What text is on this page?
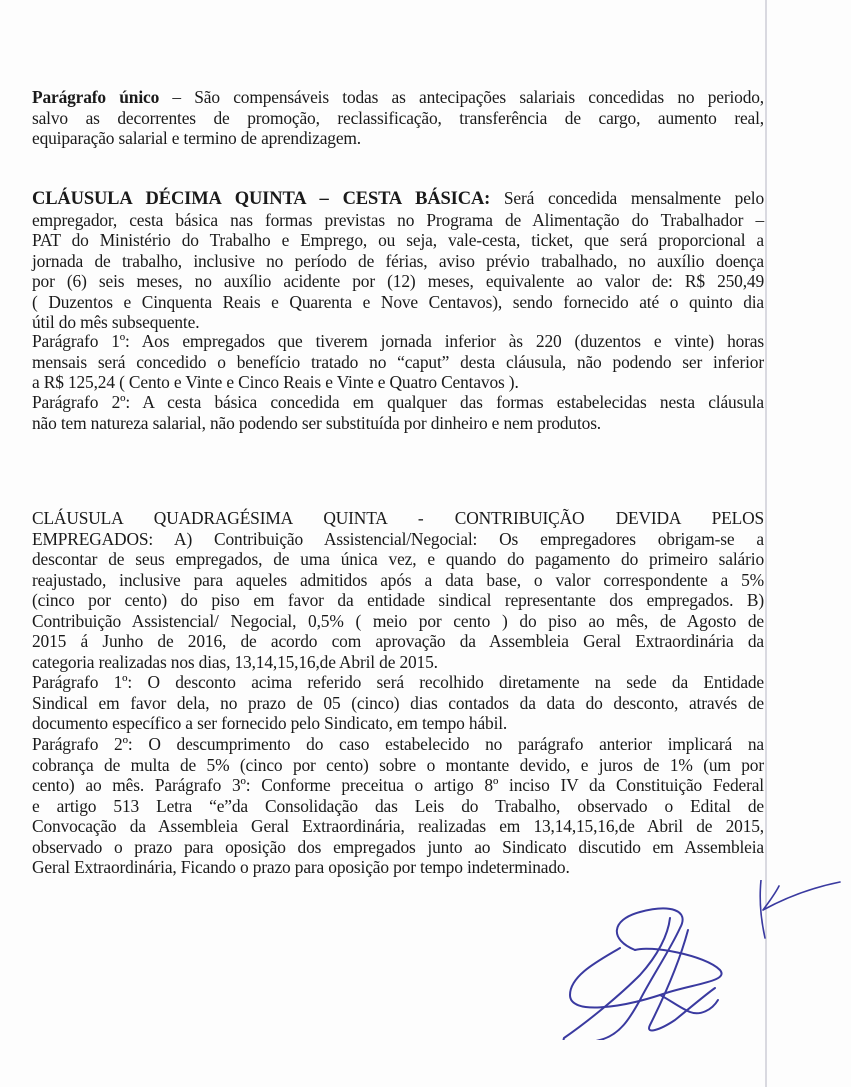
Parágrafo único – São compensáveis todas as antecipações salariais concedidas no periodo,
salvo as decorrentes de promoção, reclassificação, transferência de cargo, aumento real,
equiparação salarial e termino de aprendizagem.
CLÁUSULA DÉCIMA QUINTA – CESTA BÁSICA: Será concedida mensalmente pelo
empregador, cesta básica nas formas previstas no Programa de Alimentação do Trabalhador –
PAT do Ministério do Trabalho e Emprego, ou seja, vale-cesta, ticket, que será proporcional a
jornada de trabalho, inclusive no período de férias, aviso prévio trabalhado, no auxílio doença
por (6) seis meses, no auxílio acidente por (12) meses, equivalente ao valor de: R$ 250,49
( Duzentos e Cinquenta Reais e Quarenta e Nove Centavos), sendo fornecido até o quinto dia
útil do mês subsequente.
Parágrafo 1º: Aos empregados que tiverem jornada inferior às 220 (duzentos e vinte) horas
mensais será concedido o benefício tratado no “caput” desta cláusula, não podendo ser inferior
a R$ 125,24 ( Cento e Vinte e Cinco Reais e Vinte e Quatro Centavos ).
Parágrafo 2º: A cesta básica concedida em qualquer das formas estabelecidas nesta cláusula
não tem natureza salarial, não podendo ser substituída por dinheiro e nem produtos.
CLÁUSULA QUADRAGÉSIMA QUINTA - CONTRIBUIÇÃO DEVIDA PELOS
EMPREGADOS: A) Contribuição Assistencial/Negocial: Os empregadores obrigam-se a
descontar de seus empregados, de uma única vez, e quando do pagamento do primeiro salário
reajustado, inclusive para aqueles admitidos após a data base, o valor correspondente a 5%
(cinco por cento) do piso em favor da entidade sindical representante dos empregados. B)
Contribuição Assistencial/ Negocial, 0,5% ( meio por cento ) do piso ao mês, de Agosto de
2015 á Junho de 2016, de acordo com aprovação da Assembleia Geral Extraordinária da
categoria realizadas nos dias, 13,14,15,16,de Abril de 2015.
Parágrafo 1º: O desconto acima referido será recolhido diretamente na sede da Entidade
Sindical em favor dela, no prazo de 05 (cinco) dias contados da data do desconto, através de
documento específico a ser fornecido pelo Sindicato, em tempo hábil.
Parágrafo 2º: O descumprimento do caso estabelecido no parágrafo anterior implicará na
cobrança de multa de 5% (cinco por cento) sobre o montante devido, e juros de 1% (um por
cento) ao mês. Parágrafo 3º: Conforme preceitua o artigo 8º inciso IV da Constituição Federal
e artigo 513 Letra “e”da Consolidação das Leis do Trabalho, observado o Edital de
Convocação da Assembleia Geral Extraordinária, realizadas em 13,14,15,16,de Abril de 2015,
observado o prazo para oposição dos empregados junto ao Sindicato discutido em Assembleia
Geral Extraordinária, Ficando o prazo para oposição por tempo indeterminado.
